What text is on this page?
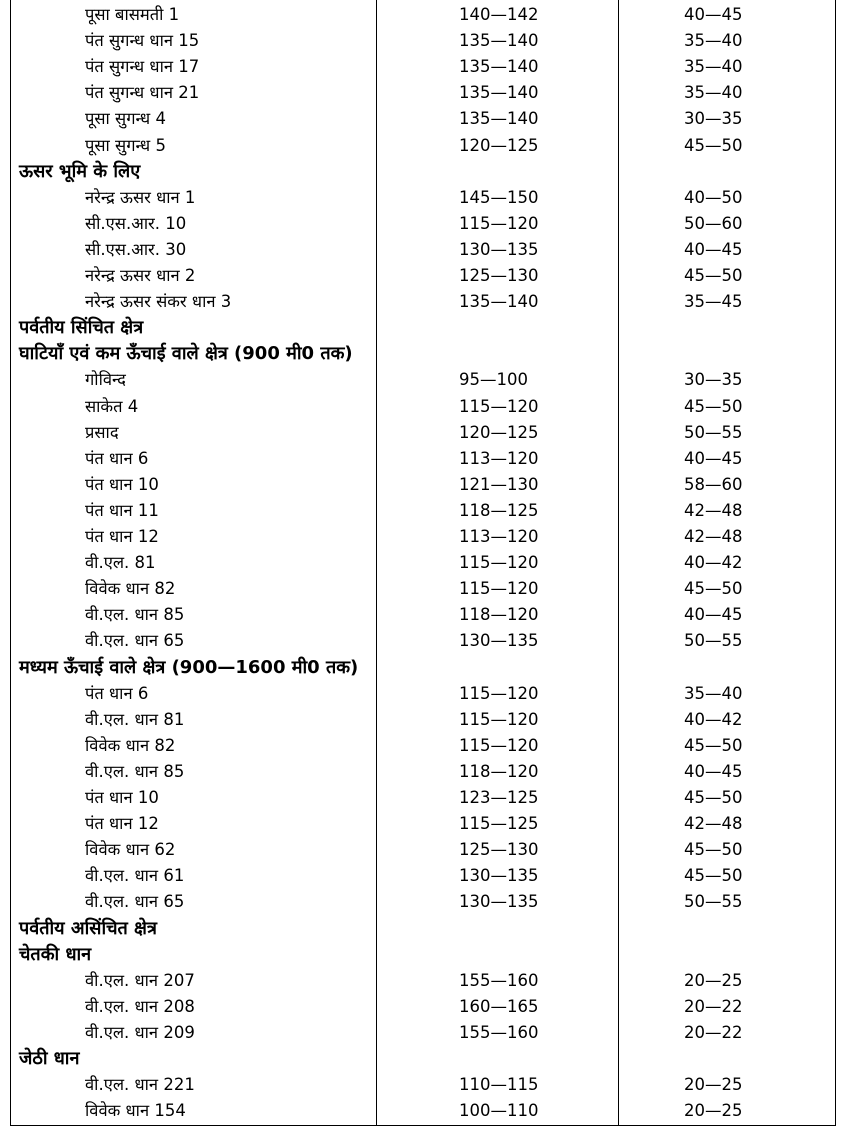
पूसा बासमती 1	140—142	40—45
पंत सुगन्ध धान 15	135—140	35—40
पंत सुगन्ध धान 17	135—140	35—40
पंत सुगन्ध धान 21	135—140	35—40
पूसा सुगन्ध 4	135—140	30—35
पूसा सुगन्ध 5	120—125	45—50
ऊसर भूमि के लिए
नरेन्द्र ऊसर धान 1	145—150	40—50
सी.एस.आर. 10	115—120	50—60
सी.एस.आर. 30	130—135	40—45
नरेन्द्र ऊसर धान 2	125—130	45—50
नरेन्द्र ऊसर संकर धान 3	135—140	35—45
पर्वतीय सिंचित क्षेत्र
घाटियाँ एवं कम ऊँचाई वाले क्षेत्र (900 मी0 तक)
गोविन्द	95—100	30—35
साकेत 4	115—120	45—50
प्रसाद	120—125	50—55
पंत धान 6	113—120	40—45
पंत धान 10	121—130	58—60
पंत धान 11	118—125	42—48
पंत धान 12	113—120	42—48
वी.एल. 81	115—120	40—42
विवेक धान 82	115—120	45—50
वी.एल. धान 85	118—120	40—45
वी.एल. धान 65	130—135	50—55
मध्यम ऊँचाई वाले क्षेत्र (900—1600 मी0 तक)
पंत धान 6	115—120	35—40
वी.एल. धान 81	115—120	40—42
विवेक धान 82	115—120	45—50
वी.एल. धान 85	118—120	40—45
पंत धान 10	123—125	45—50
पंत धान 12	115—125	42—48
विवेक धान 62	125—130	45—50
वी.एल. धान 61	130—135	45—50
वी.एल. धान 65	130—135	50—55
पर्वतीय असिंचित क्षेत्र
चेतकी धान
वी.एल. धान 207	155—160	20—25
वी.एल. धान 208	160—165	20—22
वी.एल. धान 209	155—160	20—22
जेठी धान
वी.एल. धान 221	110—115	20—25
विवेक धान 154	100—110	20—25
